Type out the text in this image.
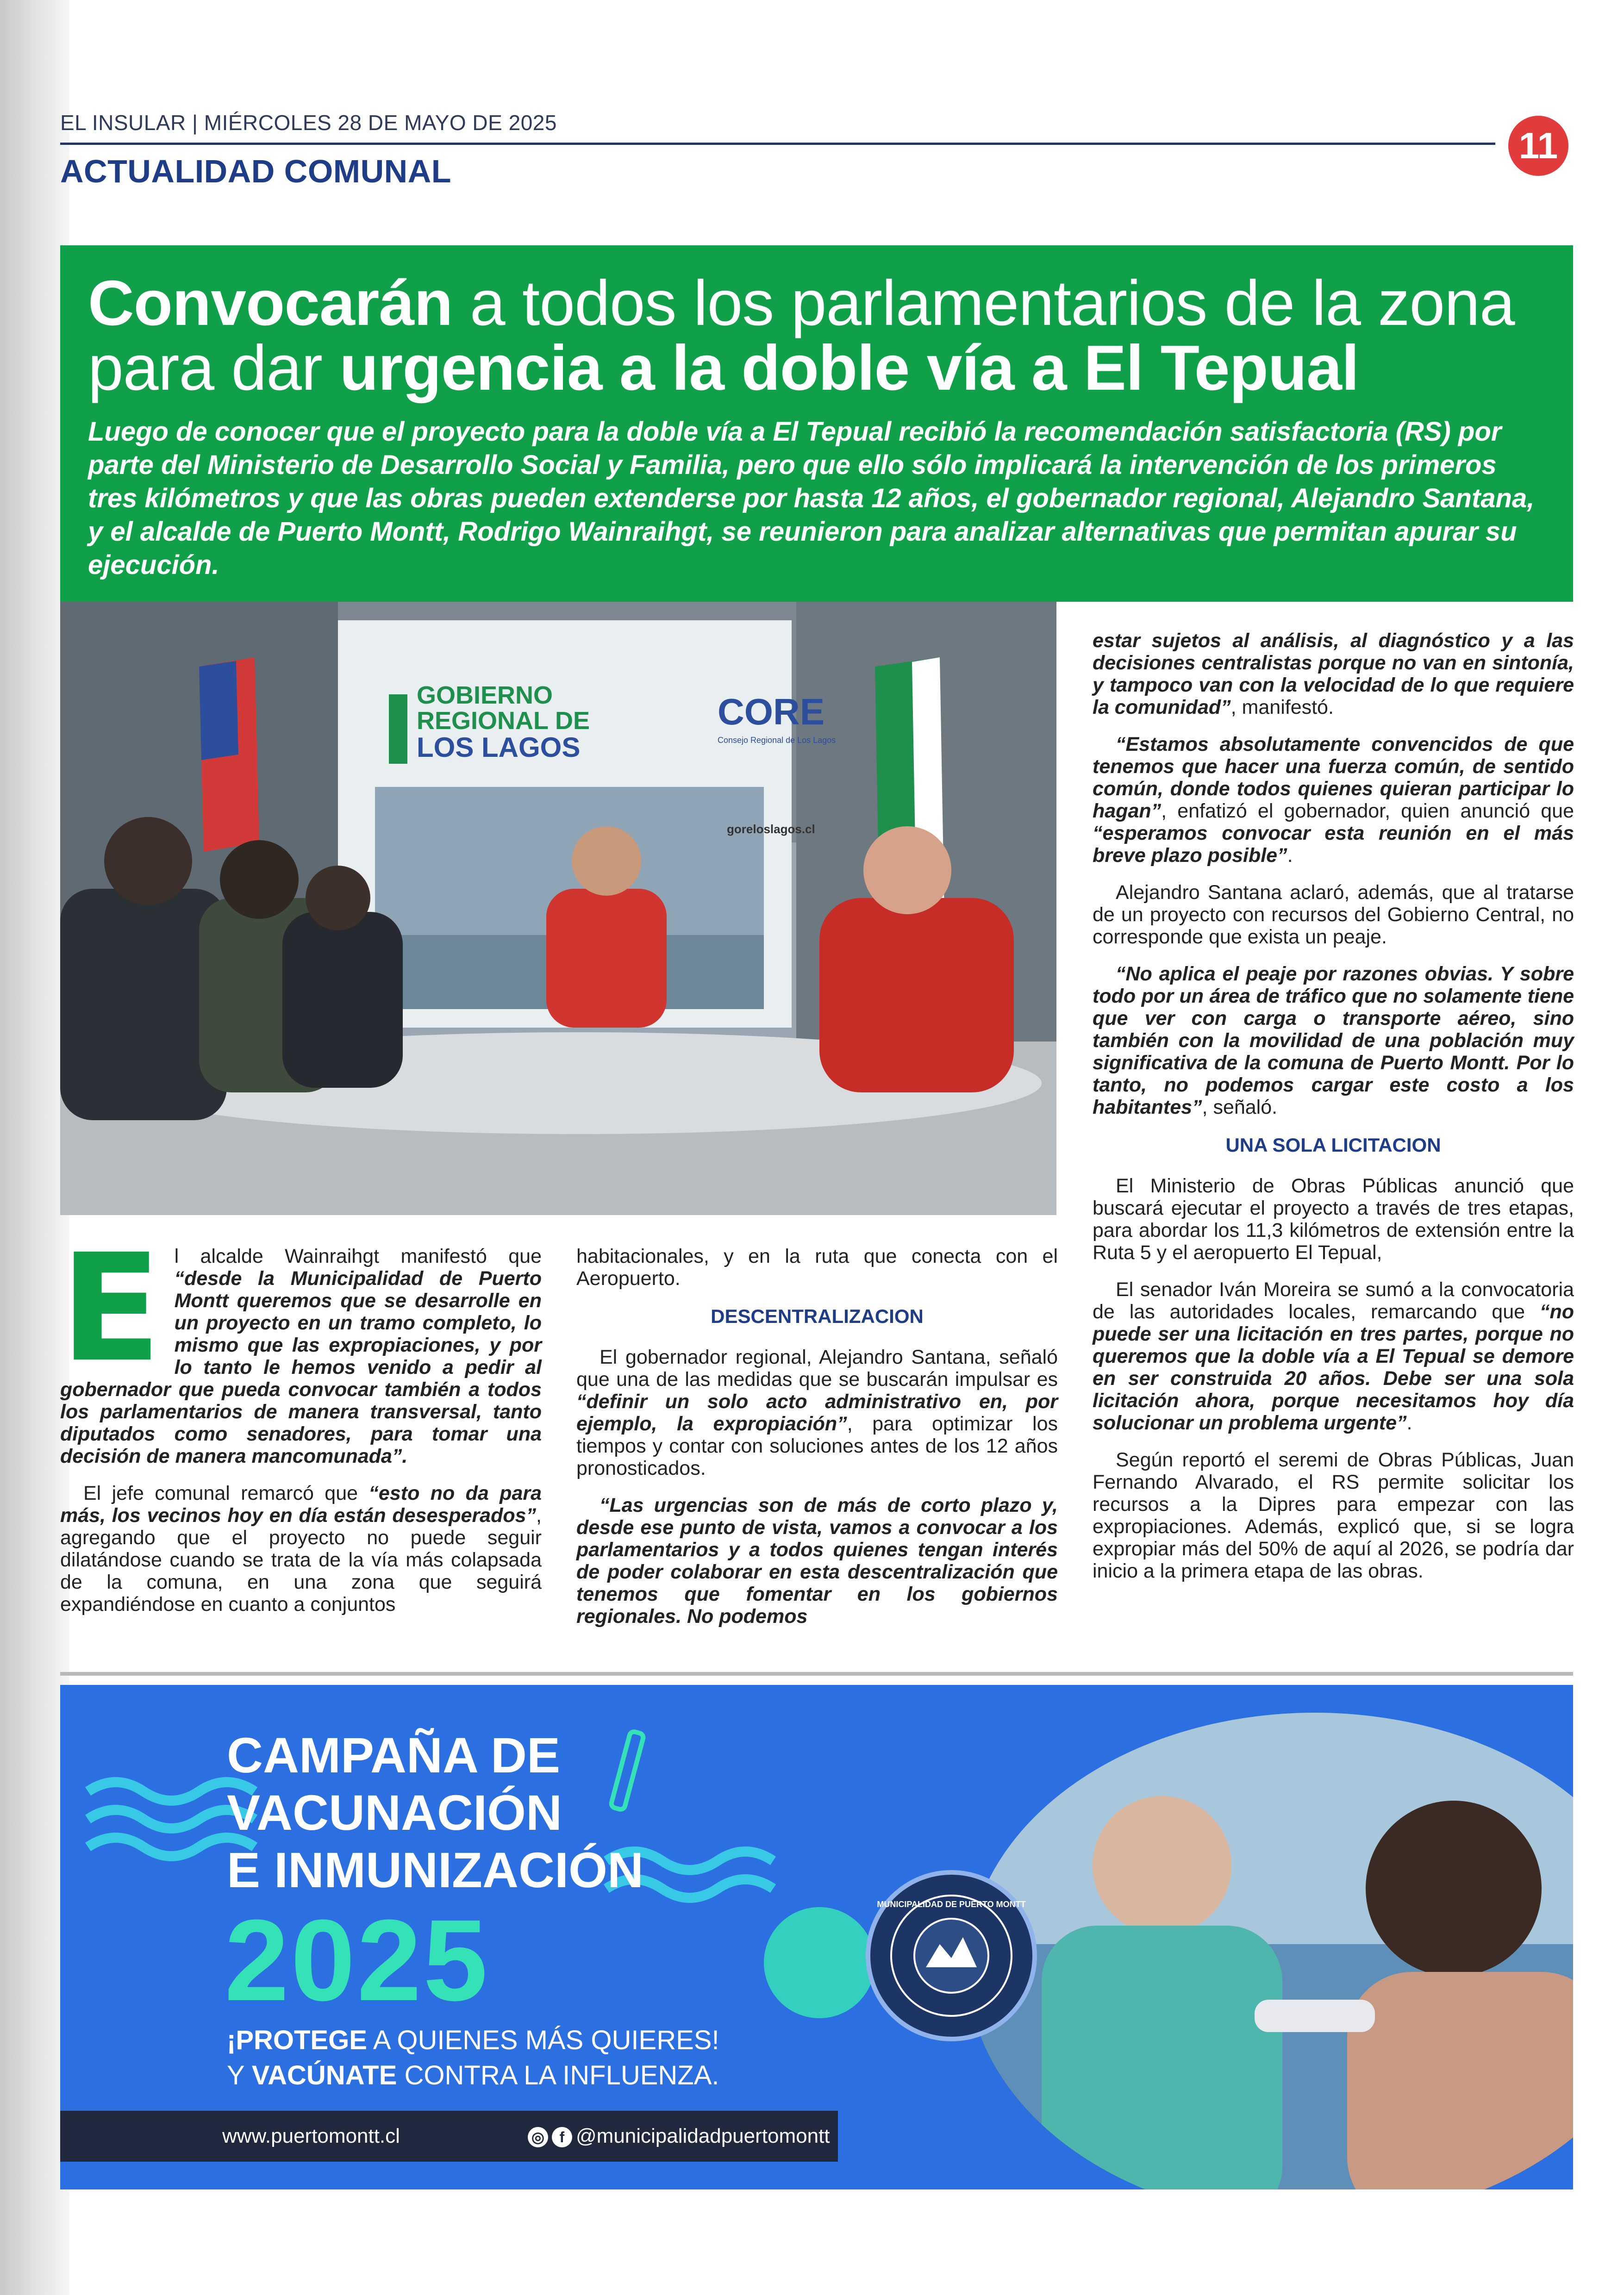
EL INSULAR | MIÉRCOLES 28 DE MAYO DE 2025
ACTUALIDAD COMUNAL
11
Convocarán a todos los parlamentarios de la zona para dar urgencia a la doble vía a El Tepual
Luego de conocer que el proyecto para la doble vía a El Tepual recibió la recomendación satisfactoria (RS) por parte del Ministerio de Desarrollo Social y Familia, pero que ello sólo implicará la intervención de los primeros tres kilómetros y que las obras pueden extenderse por hasta 12 años, el gobernador regional, Alejandro Santana, y el alcalde de Puerto Montt, Rodrigo Wainraihgt, se reunieron para analizar alternativas que permitan apurar su ejecución.
GOBIERNO
REGIONAL DE
LOS LAGOS
CORE
Consejo Regional de Los Lagos
goreloslagos.cl

El alcalde Wainraihgt manifestó que “desde la Municipalidad de Puerto Montt queremos que se desarrolle en un proyecto en un tramo completo, lo mismo que las expropiaciones, y por lo tanto le hemos venido a pedir al gobernador que pueda convocar también a todos los parlamentarios de manera transversal, tanto diputados como senadores, para tomar una decisión de manera mancomunada”.

El jefe comunal remarcó que “esto no da para más, los vecinos hoy en día están desesperados”, agregando que el proyecto no puede seguir dilatándose cuando se trata de la vía más colapsada de la comuna, en una zona que seguirá expandiéndose en cuanto a conjuntos

habitacionales, y en la ruta que conecta con el Aeropuerto.

DESCENTRALIZACION

El gobernador regional, Alejandro Santana, señaló que una de las medidas que se buscarán impulsar es “definir un solo acto administrativo en, por ejemplo, la expropiación”, para optimizar los tiempos y contar con soluciones antes de los 12 años pronosticados.

“Las urgencias son de más de corto plazo y, desde ese punto de vista, vamos a convocar a los parlamentarios y a todos quienes tengan interés de poder colaborar en esta descentralización que tenemos que fomentar en los gobiernos regionales. No podemos

estar sujetos al análisis, al diagnóstico y a las decisiones centralistas porque no van en sintonía, y tampoco van con la velocidad de lo que requiere la comunidad”, manifestó.

“Estamos absolutamente convencidos de que tenemos que hacer una fuerza común, de sentido común, donde todos quienes quieran participar lo hagan”, enfatizó el gobernador, quien anunció que “esperamos convocar esta reunión en el más breve plazo posible”.

Alejandro Santana aclaró, además, que al tratarse de un proyecto con recursos del Gobierno Central, no corresponde que exista un peaje.

“No aplica el peaje por razones obvias. Y sobre todo por un área de tráfico que no solamente tiene que ver con carga o transporte aéreo, sino también con la movilidad de una población muy significativa de la comuna de Puerto Montt. Por lo tanto, no podemos cargar este costo a los habitantes”, señaló.

UNA SOLA LICITACION

El Ministerio de Obras Públicas anunció que buscará ejecutar el proyecto a través de tres etapas, para abordar los 11,3 kilómetros de extensión entre la Ruta 5 y el aeropuerto El Tepual,

El senador Iván Moreira se sumó a la convocatoria de las autoridades locales, remarcando que “no puede ser una licitación en tres partes, porque no queremos que la doble vía a El Tepual se demore en ser construida 20 años. Debe ser una sola licitación ahora, porque necesitamos hoy día solucionar un problema urgente”.

Según reportó el seremi de Obras Públicas, Juan Fernando Alvarado, el RS permite solicitar los recursos a la Dipres para empezar con las expropiaciones. Además, explicó que, si se logra expropiar más del 50% de aquí al 2026, se podría dar inicio a la primera etapa de las obras.

CAMPAÑA DE
VACUNACIÓN
E INMUNIZACIÓN
2025
¡PROTEGE A QUIENES MÁS QUIERES!
Y VACÚNATE CONTRA LA INFLUENZA.
MUNICIPALIDAD DE PUERTO MONTT
www.puertomontt.cl	◎ f @municipalidadpuertomontt
